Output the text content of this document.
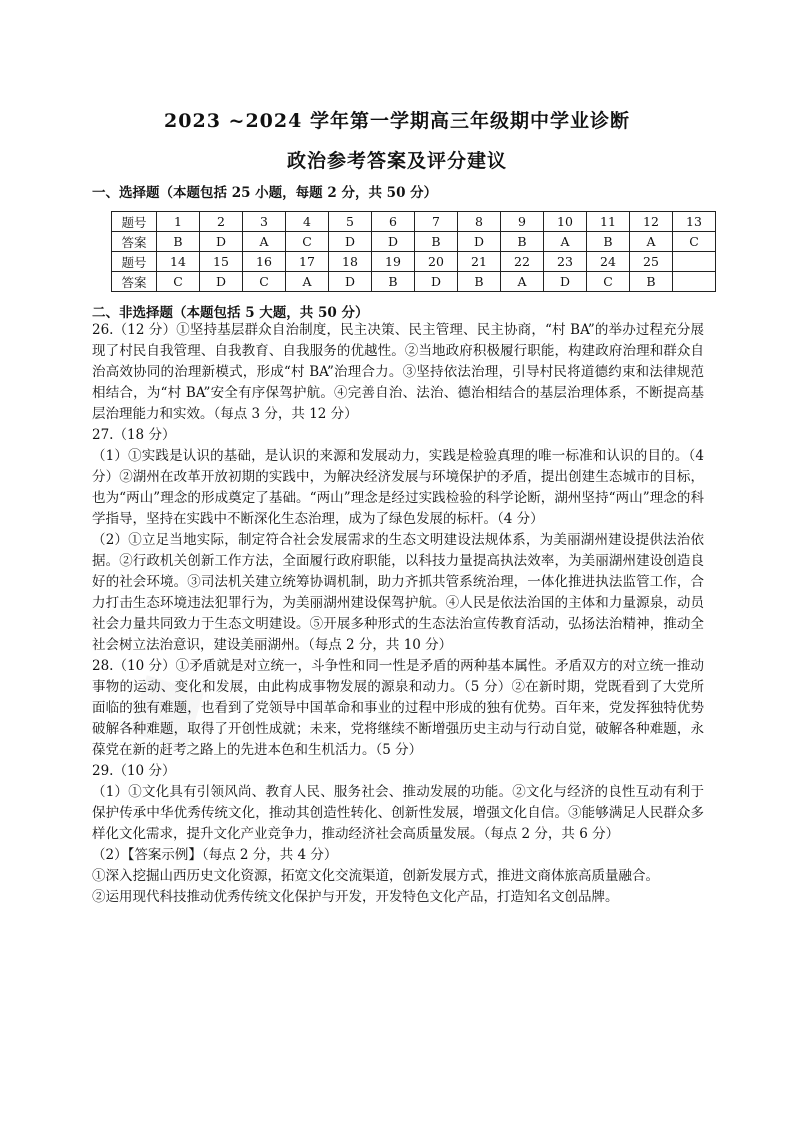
2023 ~2024 学年第一学期高三年级期中学业诊断
政治参考答案及评分建议
一、选择题（本题包括 25 小题，每题 2 分，共 50 分）
题号	1	2	3	4	5	6	7	8	9	10	11	12	13
答案	B	D	A	C	D	D	B	D	B	A	B	A	C
题号	14	15	16	17	18	19	20	21	22	23	24	25	
答案	C	D	C	A	D	B	D	B	A	D	C	B	
二、非选择题（本题包括 5 大题，共 50 分）

26.（12 分）①坚持基层群众自治制度，民主决策、民主管理、民主协商，“村 BA”的举办过程充分展现了村民自我管理、自我教育、自我服务的优越性。②当地政府积极履行职能，构建政府治理和群众自治高效协同的治理新模式，形成“村 BA”治理合力。③坚持依法治理，引导村民将道德约束和法律规范相结合，为“村 BA”安全有序保驾护航。④完善自治、法治、德治相结合的基层治理体系，不断提高基层治理能力和实效。（每点 3 分，共 12 分）

27.（18 分）

（1）①实践是认识的基础，是认识的来源和发展动力，实践是检验真理的唯一标准和认识的目的。（4 分）②湖州在改革开放初期的实践中，为解决经济发展与环境保护的矛盾，提出创建生态城市的目标，也为“两山”理念的形成奠定了基础。“两山”理念是经过实践检验的科学论断，湖州坚持“两山”理念的科学指导，坚持在实践中不断深化生态治理，成为了绿色发展的标杆。（4 分）

（2）①立足当地实际，制定符合社会发展需求的生态文明建设法规体系，为美丽湖州建设提供法治依据。②行政机关创新工作方法，全面履行政府职能，以科技力量提高执法效率，为美丽湖州建设创造良好的社会环境。③司法机关建立统筹协调机制，助力齐抓共管系统治理，一体化推进执法监管工作，合力打击生态环境违法犯罪行为，为美丽湖州建设保驾护航。④人民是依法治国的主体和力量源泉，动员社会力量共同致力于生态文明建设。⑤开展多种形式的生态法治宣传教育活动，弘扬法治精神，推动全社会树立法治意识，建设美丽湖州。（每点 2 分，共 10 分）

28.（10 分）①矛盾就是对立统一，斗争性和同一性是矛盾的两种基本属性。矛盾双方的对立统一推动事物的运动、变化和发展，由此构成事物发展的源泉和动力。（5 分）②在新时期，党既看到了大党所面临的独有难题，也看到了党领导中国革命和事业的过程中形成的独有优势。百年来，党发挥独特优势破解各种难题，取得了开创性成就；未来，党将继续不断增强历史主动与行动自觉，破解各种难题，永葆党在新的赶考之路上的先进本色和生机活力。（5 分）

29.（10 分）

（1）①文化具有引领风尚、教育人民、服务社会、推动发展的功能。②文化与经济的良性互动有利于保护传承中华优秀传统文化，推动其创造性转化、创新性发展，增强文化自信。③能够满足人民群众多样化文化需求，提升文化产业竞争力，推动经济社会高质量发展。（每点 2 分，共 6 分）

（2）【答案示例】（每点 2 分，共 4 分）

①深入挖掘山西历史文化资源，拓宽文化交流渠道，创新发展方式，推进文商体旅高质量融合。

②运用现代科技推动优秀传统文化保护与开发，开发特色文化产品，打造知名文创品牌。
